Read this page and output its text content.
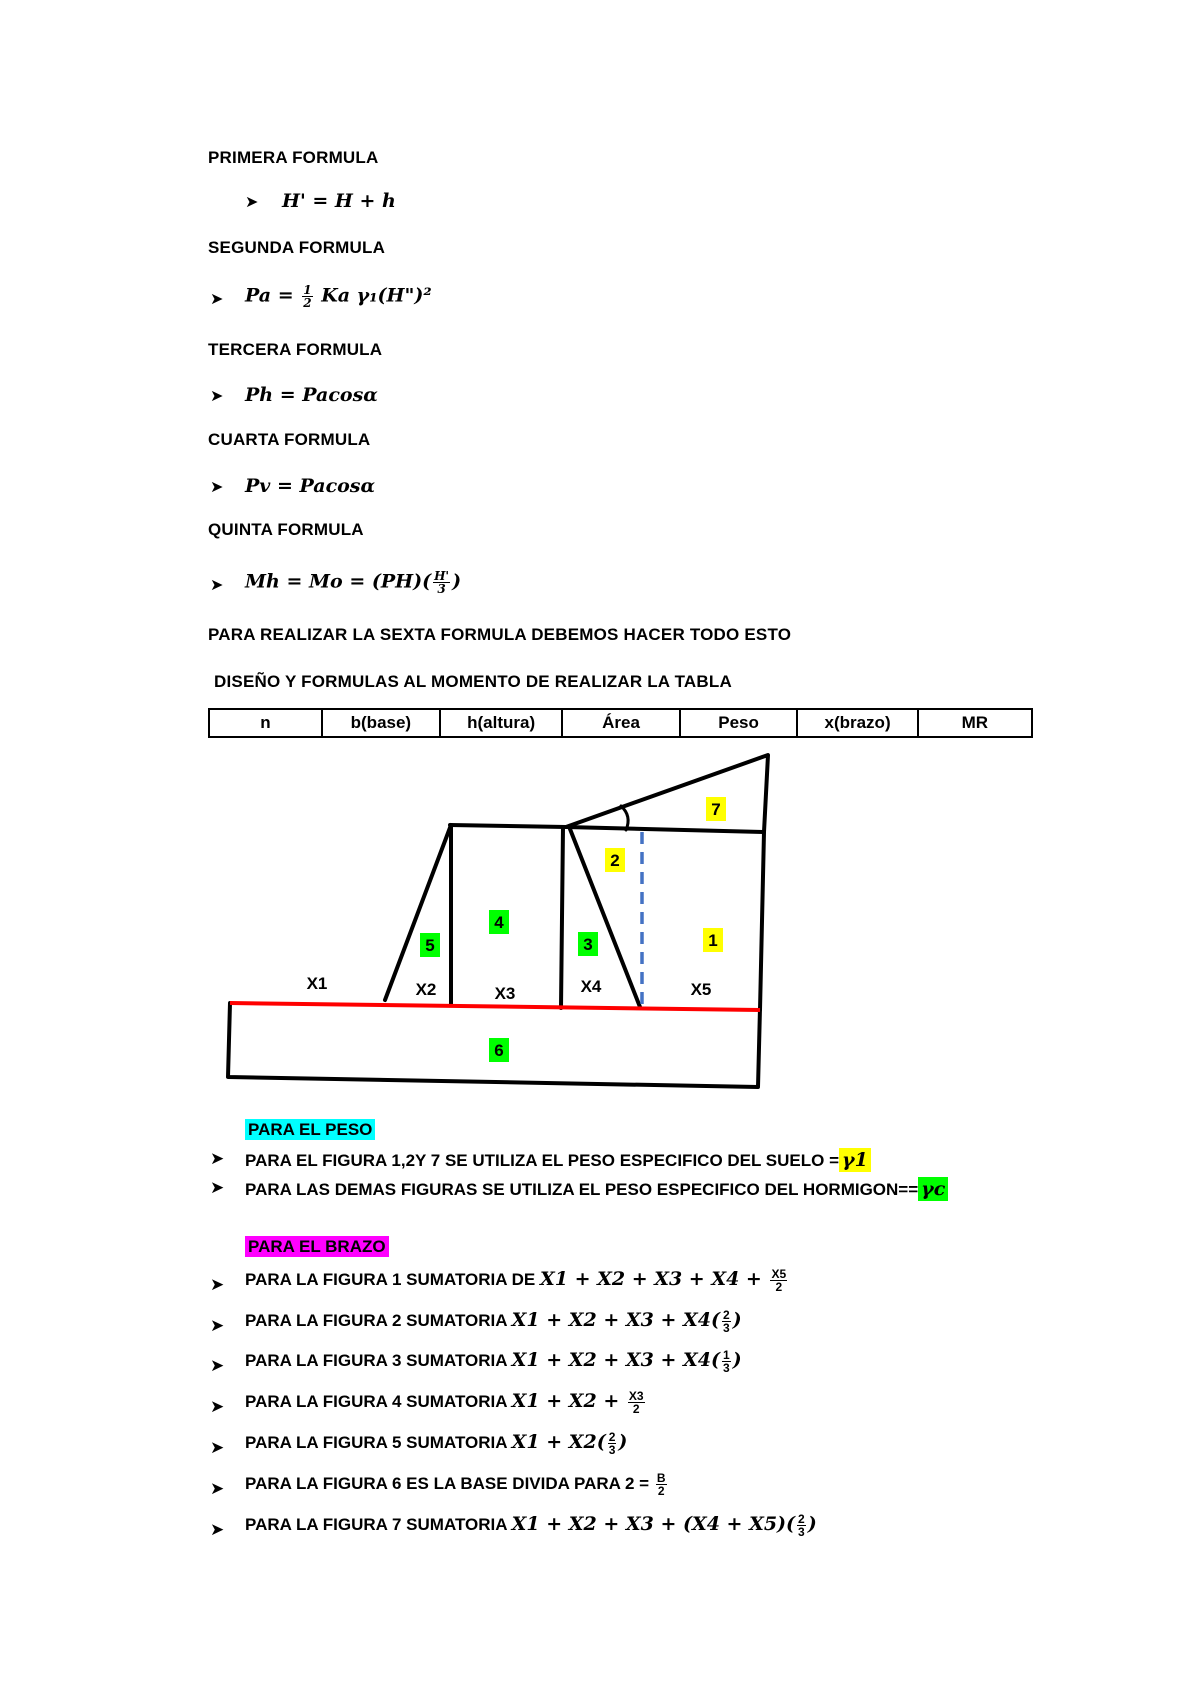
PRIMERA FORMULA
➤ H' = H + h
SEGUNDA FORMULA
➤ $Pa = \frac{1}{2}$ Ka γ₁(H")²
TERCERA FORMULA
➤ Ph = Pacosα
CUARTA FORMULA
➤ Pv = Pacosα
QUINTA FORMULA
➤ $Mh = Mo = (PH)( \frac{H'}{3}$ )
PARA REALIZAR LA SEXTA FORMULA DEBEMOS HACER TODO ESTO
DISEÑO Y FORMULAS AL MOMENTO DE REALIZAR LA TABLA
n	b(base)	h(altura)	Área	Peso	x(brazo)	MR
7
2
1
4
5	3
6
X1	X2	X3	X4	X5
PARA EL PESO
➤ PARA EL FIGURA 1,2Y 7 SE UTILIZA EL PESO ESPECIFICO DEL SUELO = γ1
➤ PARA LAS DEMAS FIGURAS SE UTILIZA EL PESO ESPECIFICO DEL HORMIGON== γc
PARA EL BRAZO
➤ PARA LA FIGURA 1 SUMATORIA DE $X1 + X2 + X3 + X4 + \frac{X5}{2}$
➤ PARA LA FIGURA 2 SUMATORIA $X1 + X2 + X3 + X4( \frac{2}{3}$ )
➤ PARA LA FIGURA 3 SUMATORIA $X1 + X2 + X3 + X4( \frac{1}{3}$ )
➤ PARA LA FIGURA 4 SUMATORIA $X1 + X2 + \frac{X3}{2}$
➤ PARA LA FIGURA 5 SUMATORIA $X1 + X2( \frac{2}{3}$ )
➤ PARA LA FIGURA 6 ES LA BASE DIVIDA PARA $2 = \frac{B}{2}$
➤ PARA LA FIGURA 7 SUMATORIA $X1 + X2 + X3 + (X4 + X5)( \frac{2}{3}$ )
